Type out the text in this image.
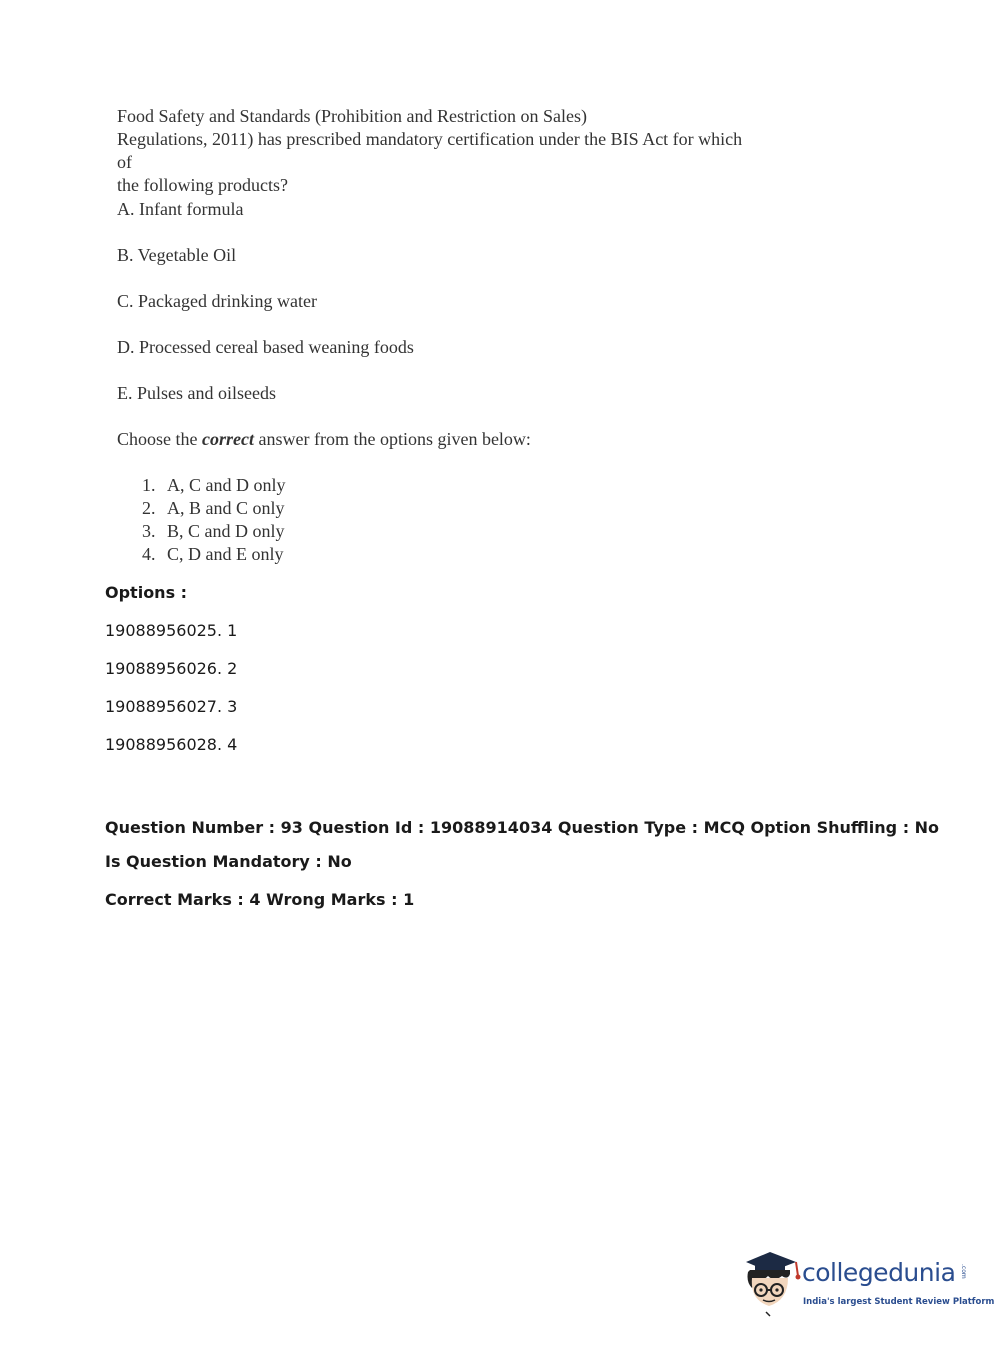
Food Safety and Standards (Prohibition and Restriction on Sales)
Regulations, 2011) has prescribed mandatory certification under the BIS Act for which of
the following products?

A. Infant formula

B. Vegetable Oil

C. Packaged drinking water

D. Processed cereal based weaning foods

E. Pulses and oilseeds

Choose the correct answer from the options given below:

1. A, C and D only
2. A, B and C only
3. B, C and D only
4. C, D and E only
Options :
19088956025. 1
19088956026. 2
19088956027. 3
19088956028. 4
Question Number : 93 Question Id : 19088914034 Question Type : MCQ Option Shuffling : No
Is Question Mandatory : No
Correct Marks : 4 Wrong Marks : 1
collegedunia .com
India's largest Student Review Platform
